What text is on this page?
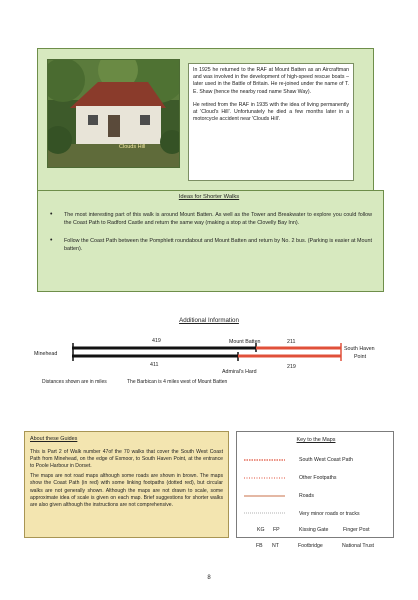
Clouds Hill

In 1925 he returned to the RAF at Mount Batten as an Aircraftman and was involved in the development of high-speed rescue boats – later used in the Battle of Britain. He re-joined under the name of T. E. Shaw (hence the nearby road name Shaw Way).

He retired from the RAF in 1935 with the idea of living permanently at 'Cloud's Hill'. Unfortunately he died a few months later in a motorcycle accident near 'Clouds Hill'.

Ideas for Shorter Walks
• The most interesting part of this walk is around Mount Batten. As well as the Tower and Breakwater to explore you could follow the Coast Path to Radford Castle and return the same way (making a stop at the Clovelly Bay Inn).
• Follow the Coast Path between the Pomphlett roundabout and Mount Batten and return by No. 2 bus. (Parking is easier at Mount batten).
Additional Information
Minehead
Mount Batten
Admiral's Hard
South Haven
Point
419	211
411	219
Distances shown are in miles	The Barbican is 4 miles west of Mount Batten
About these Guides

This is Part 2 of Walk number 47of the 70 walks that cover the South West Coast Path from Minehead, on the edge of Exmoor, to South Haven Point, at the entrance to Poole Harbour in Dorset.

The maps are not road maps although some roads are shown in brown. The maps show the Coast Path (in red) with some linking footpaths (dotted red), but circular walks are not generally shown. Although the maps are not drawn to scale, some approximate idea of scale is given on each map. Brief suggestions for shorter walks are also given although the instructions are not comprehensive.

Key to the Maps
South West Coast Path
Other Footpaths
Roads
Very minor roads or tracks
KG FP	Kissing Gate	Finger Post
FB NT	Footbridge	National Trust
8
